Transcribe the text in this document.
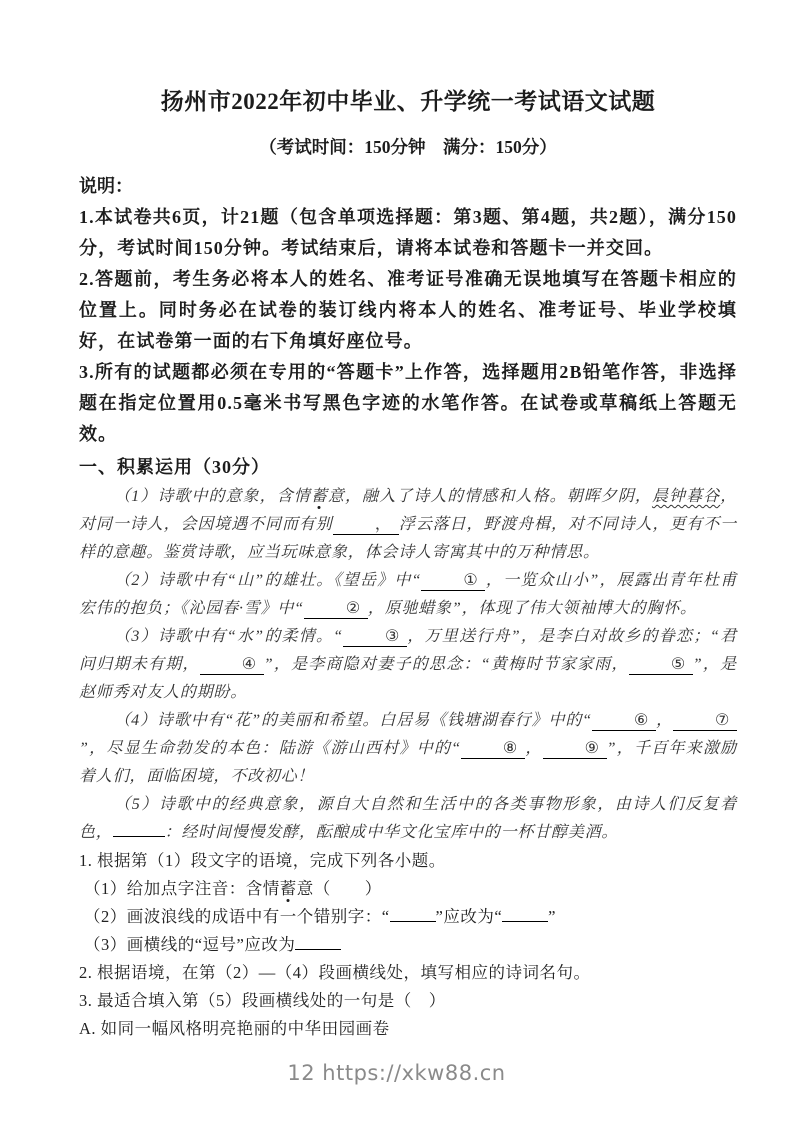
扬州市2022年初中毕业、升学统一考试语文试题
（考试时间：150分钟　满分：150分）
说明：
1.本试卷共6页，计21题（包含单项选择题：第3题、第4题，共2题），满分150分，考试时间150分钟。考试结束后，请将本试卷和答题卡一并交回。
2.答题前，考生务必将本人的姓名、准考证号准确无误地填写在答题卡相应的位置上。同时务必在试卷的装订线内将本人的姓名、准考证号、毕业学校填好，在试卷第一面的右下角填好座位号。
3.所有的试题都必须在专用的“答题卡”上作答，选择题用2B铅笔作答，非选择题在指定位置用0.5毫米书写黑色字迹的水笔作答。在试卷或草稿纸上答题无效。
一、积累运用（30分）

（1）诗歌中的意象，含情蓄意，融入了诗人的情感和人格。朝晖夕阴，晨钟暮谷，对同一诗人，会因境遇不同而有别	， 浮云落日，野渡舟楫，对不同诗人，更有不一样的意趣。鉴赏诗歌，应当玩味意象，体会诗人寄寓其中的万种情思。

（2）诗歌中有“山”的雄壮。《望岳》中“	① ，一览众山小”，展露出青年杜甫宏伟的抱负；《沁园春·雪》中“	② ，原驰蜡象”，体现了伟大领袖博大的胸怀。

（3）诗歌中有“水”的柔情。“	③ ，万里送行舟”，是李白对故乡的眷恋；“君问归期未有期，	④ ”，是李商隐对妻子的思念：“黄梅时节家家雨，	⑤ ”，是赵师秀对友人的期盼。

（4）诗歌中有“花”的美丽和希望。白居易《钱塘湖春行》中的“	⑥ ，	⑦”，尽显生命勃发的本色：陆游《游山西村》中的“	⑧ ，	⑨ ”，千百年来激励着人们，面临困境，不改初心！

（5）诗歌中的经典意象，源自大自然和生活中的各类事物形象，由诗人们反复着色，	：经时间慢慢发酵，酝酿成中华文化宝库中的一杯甘醇美酒。

1. 根据第（1）段文字的语境，完成下列各小题。

（1）给加点字注音：含情蓄意（　　）

（2）画波浪线的成语中有一个错别字：“	”应改为“	”

（3）画横线的“逗号”应改为

2. 根据语境，在第（2）—（4）段画横线处，填写相应的诗词名句。

3. 最适合填入第（5）段画横线处的一句是（　）

A. 如同一幅风格明亮艳丽的中华田园画卷

12 https://xkw88.cn
